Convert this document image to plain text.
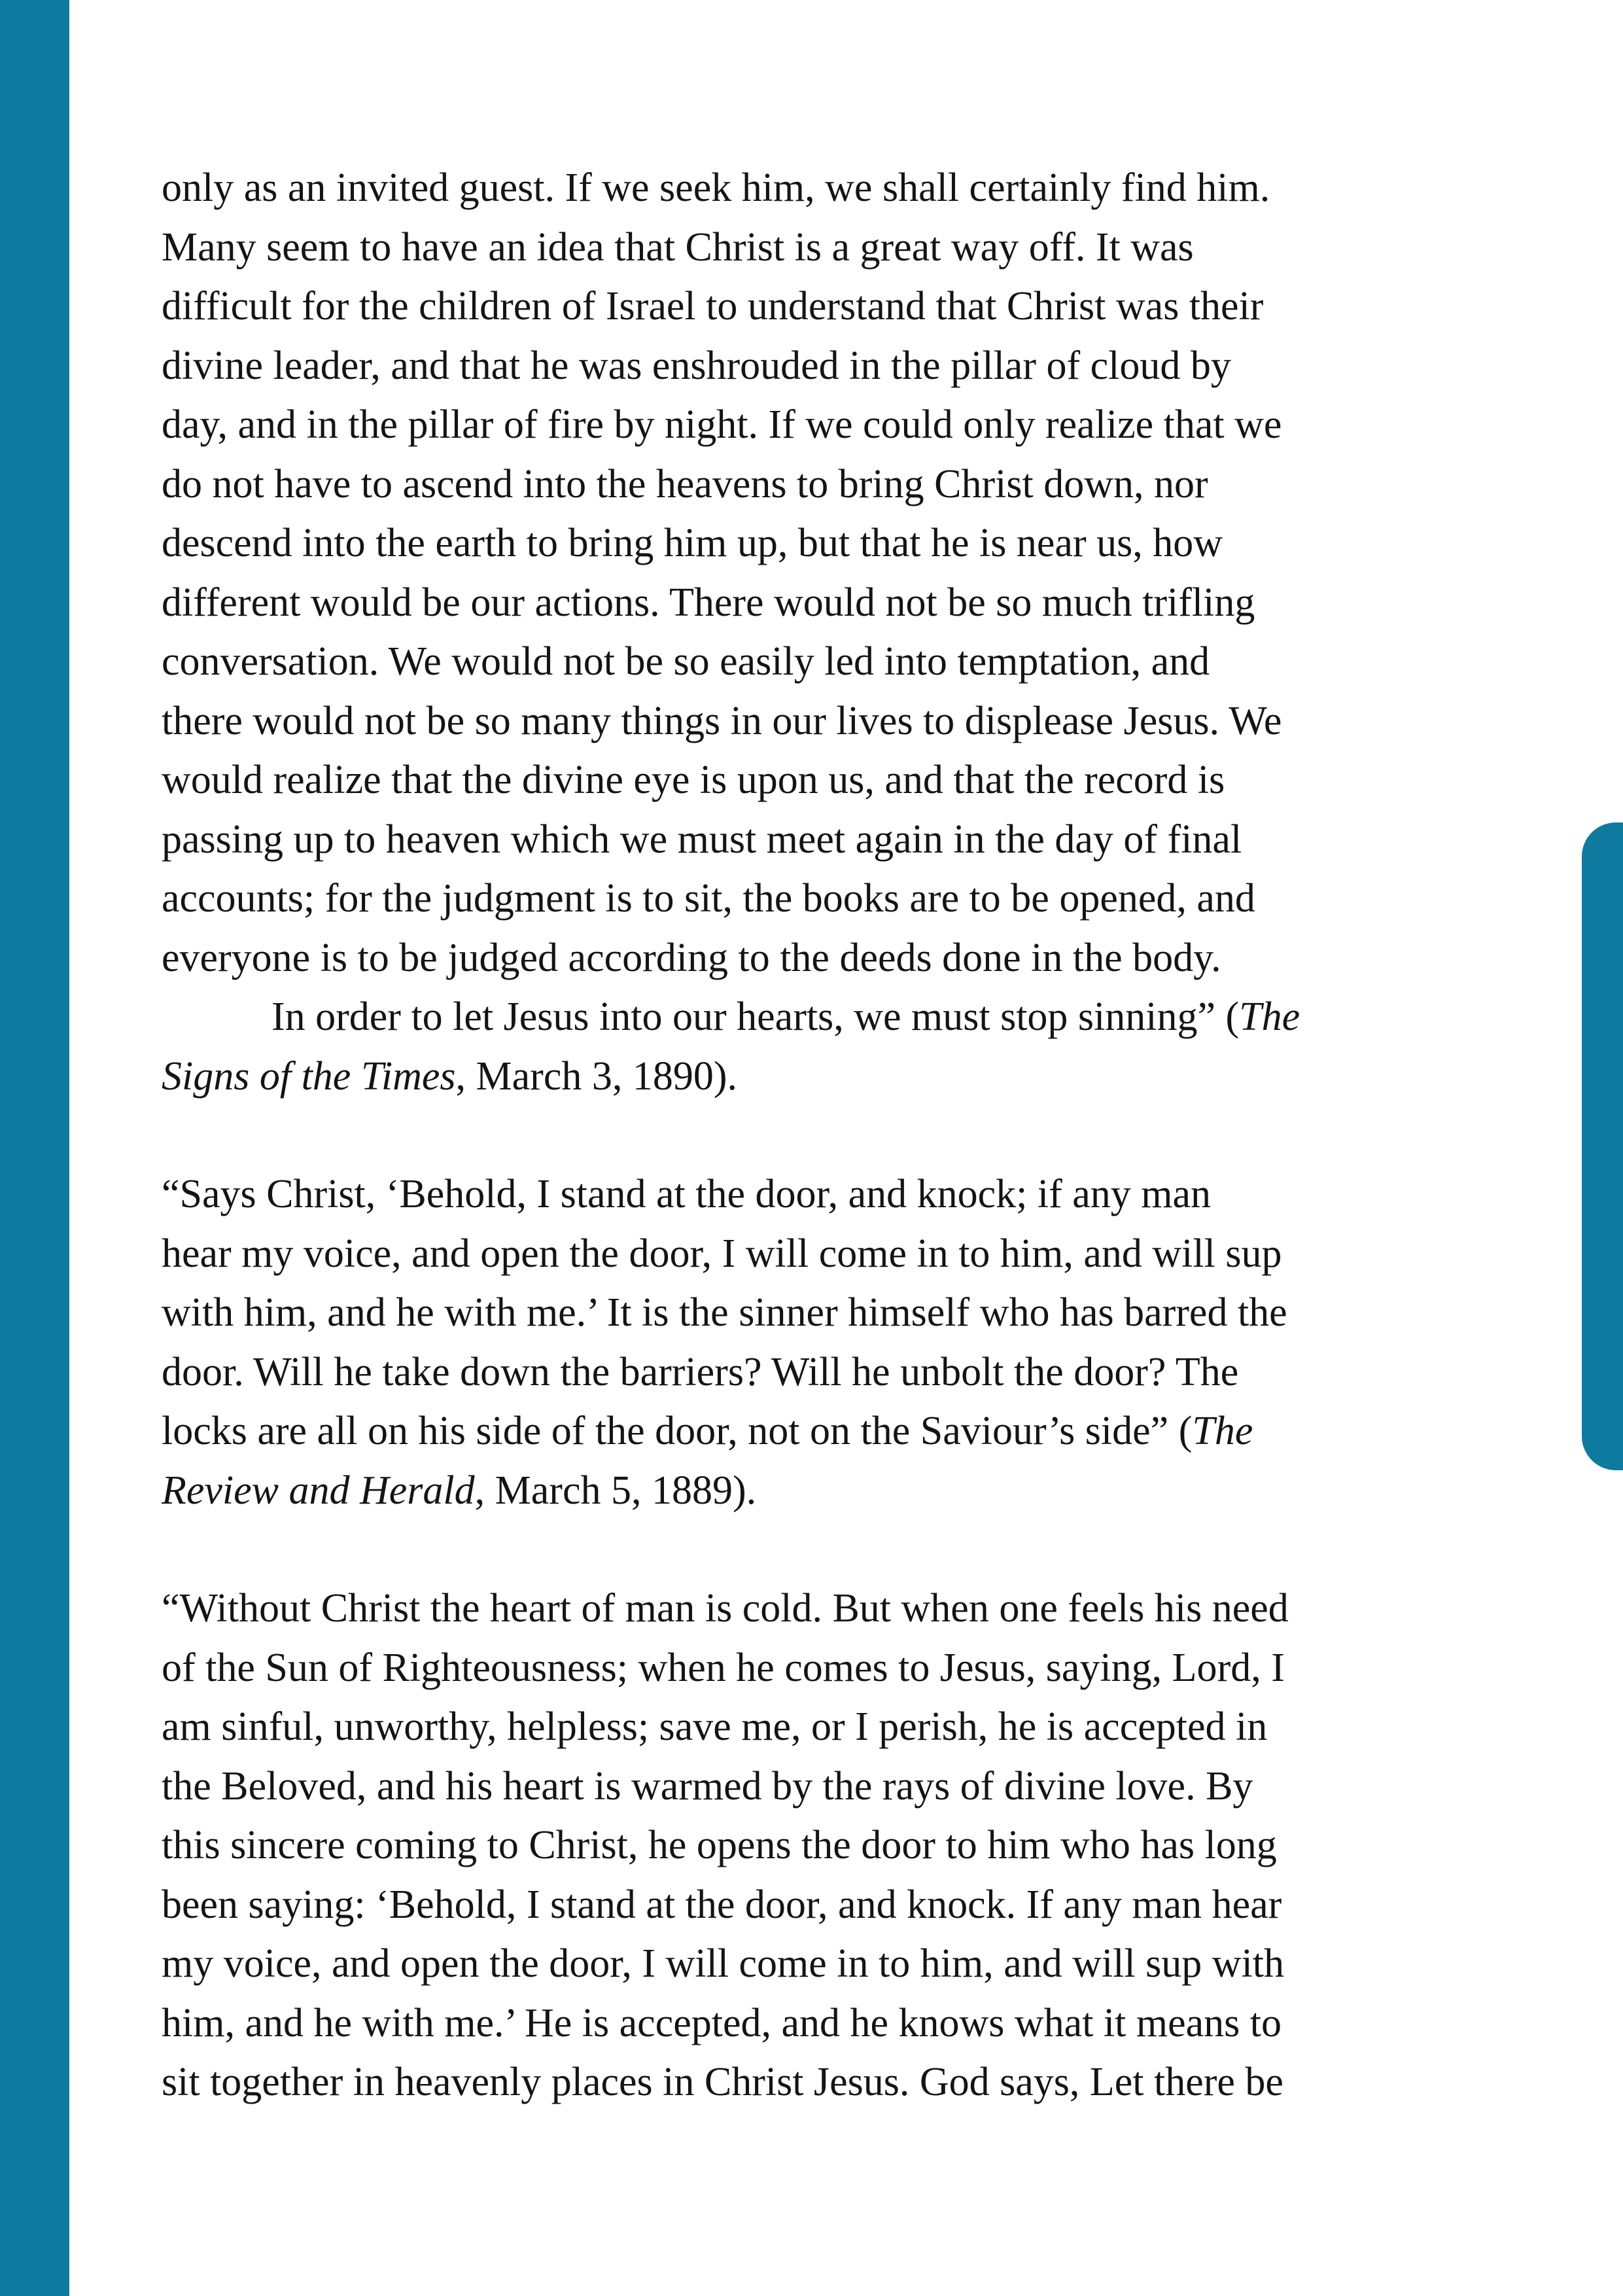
only as an invited guest. If we seek him, we shall certainly find him.
Many seem to have an idea that Christ is a great way off. It was
difficult for the children of Israel to understand that Christ was their
divine leader, and that he was enshrouded in the pillar of cloud by
day, and in the pillar of fire by night. If we could only realize that we
do not have to ascend into the heavens to bring Christ down, nor
descend into the earth to bring him up, but that he is near us, how
different would be our actions. There would not be so much trifling
conversation. We would not be so easily led into temptation, and
there would not be so many things in our lives to displease Jesus. We
would realize that the divine eye is upon us, and that the record is
passing up to heaven which we must meet again in the day of final
accounts; for the judgment is to sit, the books are to be opened, and
everyone is to be judged according to the deeds done in the body.
In order to let Jesus into our hearts, we must stop sinning” (The
Signs of the Times, March 3, 1890).
“Says Christ, ‘Behold, I stand at the door, and knock; if any man
hear my voice, and open the door, I will come in to him, and will sup
with him, and he with me.’ It is the sinner himself who has barred the
door. Will he take down the barriers? Will he unbolt the door? The
locks are all on his side of the door, not on the Saviour’s side” (The
Review and Herald, March 5, 1889).
“Without Christ the heart of man is cold. But when one feels his need
of the Sun of Righteousness; when he comes to Jesus, saying, Lord, I
am sinful, unworthy, helpless; save me, or I perish, he is accepted in
the Beloved, and his heart is warmed by the rays of divine love. By
this sincere coming to Christ, he opens the door to him who has long
been saying: ‘Behold, I stand at the door, and knock. If any man hear
my voice, and open the door, I will come in to him, and will sup with
him, and he with me.’ He is accepted, and he knows what it means to
sit together in heavenly places in Christ Jesus. God says, Let there be
